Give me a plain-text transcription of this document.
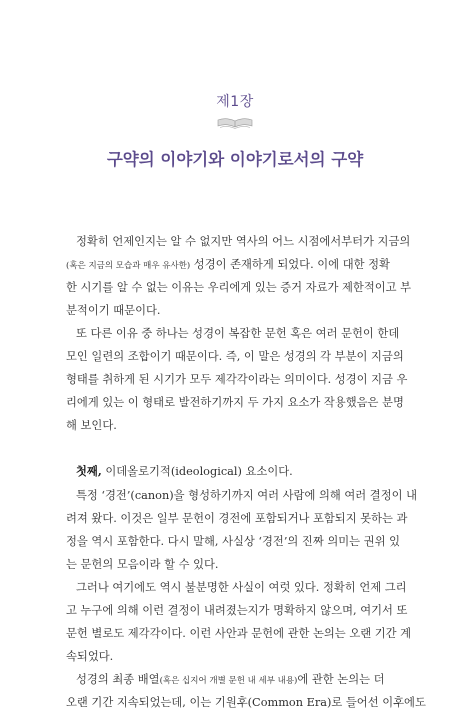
제1장
구약의 이야기와 이야기로서의 구약
정확히 언제인지는 알 수 없지만 역사의 어느 시점에서부터가 지금의
(혹은 지금의 모습과 매우 유사한) 성경이 존재하게 되었다. 이에 대한 정확
한 시기를 알 수 없는 이유는 우리에게 있는 증거 자료가 제한적이고 부
분적이기 때문이다.
또 다른 이유 중 하나는 성경이 복잡한 문헌 혹은 여러 문헌이 한데
모인 일련의 조합이기 때문이다. 즉, 이 말은 성경의 각 부분이 지금의
형태를 취하게 된 시기가 모두 제각각이라는 의미이다. 성경이 지금 우
리에게 있는 이 형태로 발전하기까지 두 가지 요소가 작용했음은 분명
해 보인다.
첫째, 이데올로기적(ideological) 요소이다.
특정 ‘경전’(canon)을 형성하기까지 여러 사람에 의해 여러 결정이 내
려져 왔다. 이것은 일부 문헌이 경전에 포함되거나 포함되지 못하는 과
정을 역시 포함한다. 다시 말해, 사실상 ‘경전’의 진짜 의미는 권위 있
는 문헌의 모음이라 할 수 있다.
그러나 여기에도 역시 불분명한 사실이 여럿 있다. 정확히 언제 그리
고 누구에 의해 이런 결정이 내려졌는지가 명확하지 않으며, 여기서 또
문헌 별로도 제각각이다. 이런 사안과 문헌에 관한 논의는 오랜 기간 계
속되었다.
성경의 최종 배열(혹은 십지어 개별 문헌 내 세부 내용)에 관한 논의는 더
오랜 기간 지속되었는데, 이는 기원후(Common Era)로 들어선 이후에도
